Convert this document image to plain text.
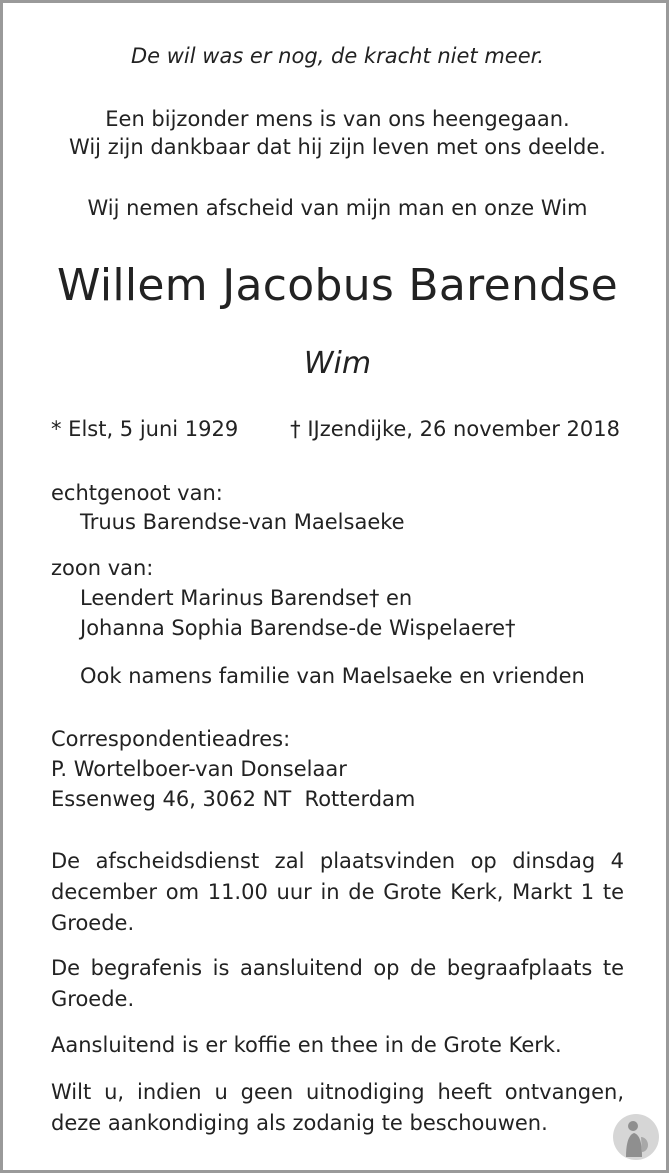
De wil was er nog, de kracht niet meer.
Een bijzonder mens is van ons heengegaan.
Wij zijn dankbaar dat hij zijn leven met ons deelde.
Wij nemen afscheid van mijn man en onze Wim
Willem Jacobus Barendse
Wim
* Elst, 5 juni 1929 † IJzendijke, 26 november 2018
echtgenoot van:
Truus Barendse-van Maelsaeke
zoon van:
Leendert Marinus Barendse† en
Johanna Sophia Barendse-de Wispelaere†
Ook namens familie van Maelsaeke en vrienden
Correspondentieadres:
P. Wortelboer-van Donselaar
Essenweg 46, 3062 NT  Rotterdam
De afscheidsdienst zal plaatsvinden op dinsdag 4 december om 11.00 uur in de Grote Kerk, Markt 1 te Groede.
De begrafenis is aansluitend op de begraafplaats te Groede.
Aansluitend is er koffie en thee in de Grote Kerk.
Wilt u, indien u geen uitnodiging heeft ontvangen, deze aankondiging als zodanig te beschouwen.
